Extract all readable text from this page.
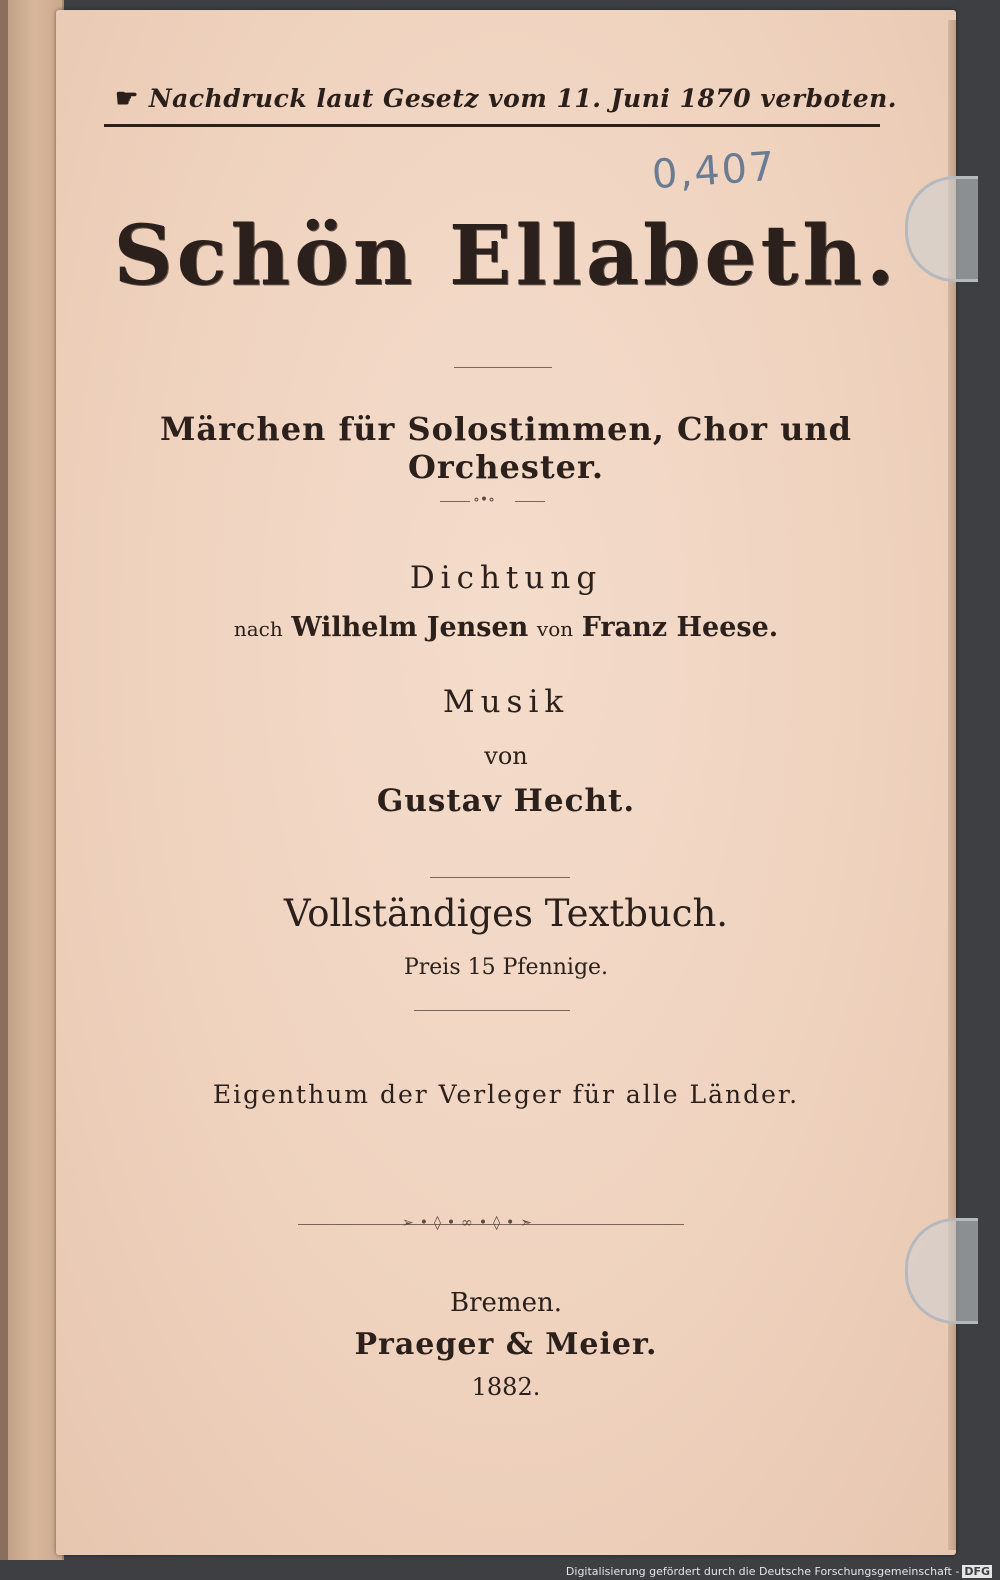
☛ Nachdruck laut Gesetz vom 11. Juni 1870 verboten.
0,407
Schön Ellabeth.
Märchen für Solostimmen, Chor und Orchester.
∘•∘
Dichtung
nach Wilhelm Jensen von Franz Heese.
Musik
von
Gustav Hecht.
Vollständiges Textbuch.
Preis 15 Pfennige.
Eigenthum der Verleger für alle Länder.
➢•◊•∞•◊•➣
Bremen.
Praeger & Meier.
1882.
Digitalisierung gefördert durch die Deutsche Forschungsgemeinschaft - DFG
